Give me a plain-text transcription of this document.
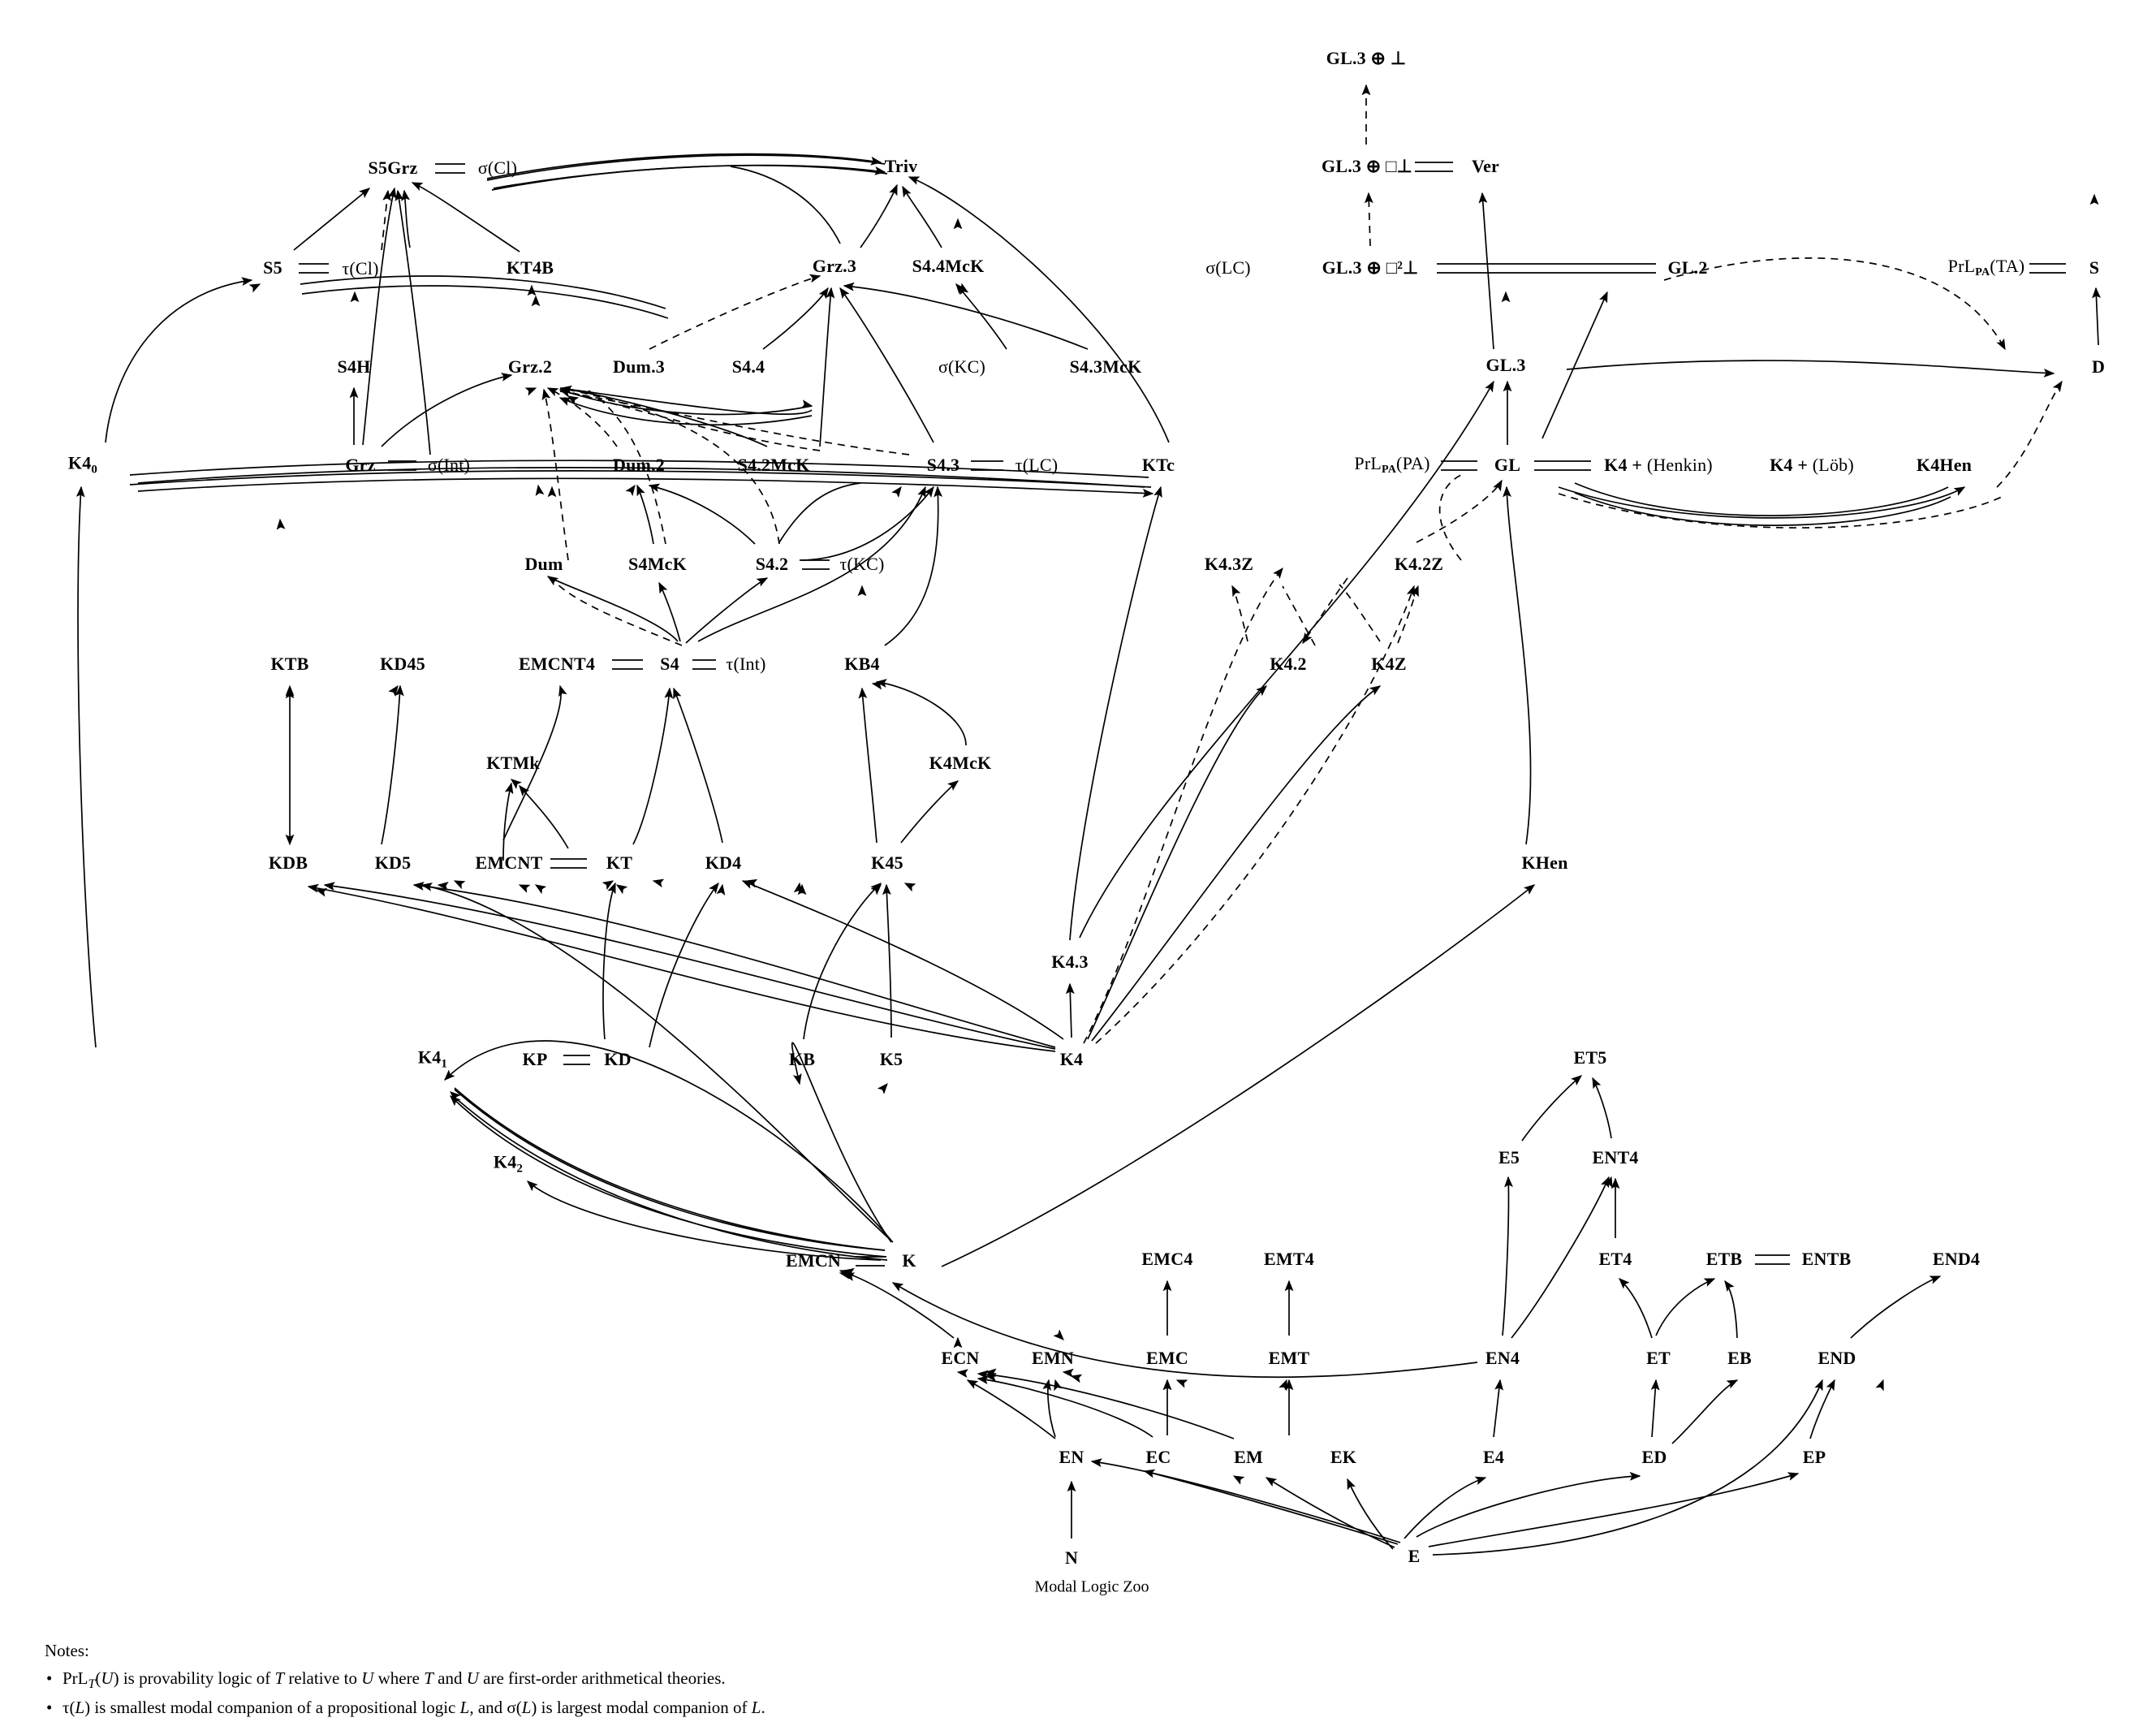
GL.3 ⊕ ⊥
GL.3 ⊕ □⊥	Ver
S5Grz	σ(Cl)	Triv
S5	τ(Cl)	KT4B	Grz.3	S4.4McK	σ(LC)	GL.3 ⊕ □²⊥	GL.2	PrLPA(TA)	S
S4H	Grz.2	Dum.3	S4.4	σ(KC)	S4.3McK	GL.3	D
$K4_0$	Grz	σ(Int)	Dum.2	S4.2McK	S4.3	τ(LC)	KTc	PrLPA(PA)	GL	K4 + (Henkin)	K4 + (Löb)	K4Hen
Dum	S4McK	S4.2	τ(KC)	K4.3Z	K4.2Z
KTB	KD45	EMCNT4	S4	τ(Int)	KB4	K4.2	K4Z
KTMk	K4McK
KDB	KD5	EMCNT	KT	KD4	K45	KHen
K4.3
$K4_1$	KP	KD	KB	K5	K4	ET5
$K4_2$
E5	ENT4
EMCN	K	EMC4	EMT4	ET4	ETB	ENTB	END4
ECN	EMN	EMC	EMT	EN4	ET	EB	END
EN	EC	EM	EK	E4	ED	EP
N	E
Modal Logic Zoo
Notes:
• PrL$_T$(U) is provability logic of T relative to U where T and U are first-order arithmetical theories.
• τ(L) is smallest modal companion of a propositional logic L, and σ(L) is largest modal companion of L.
